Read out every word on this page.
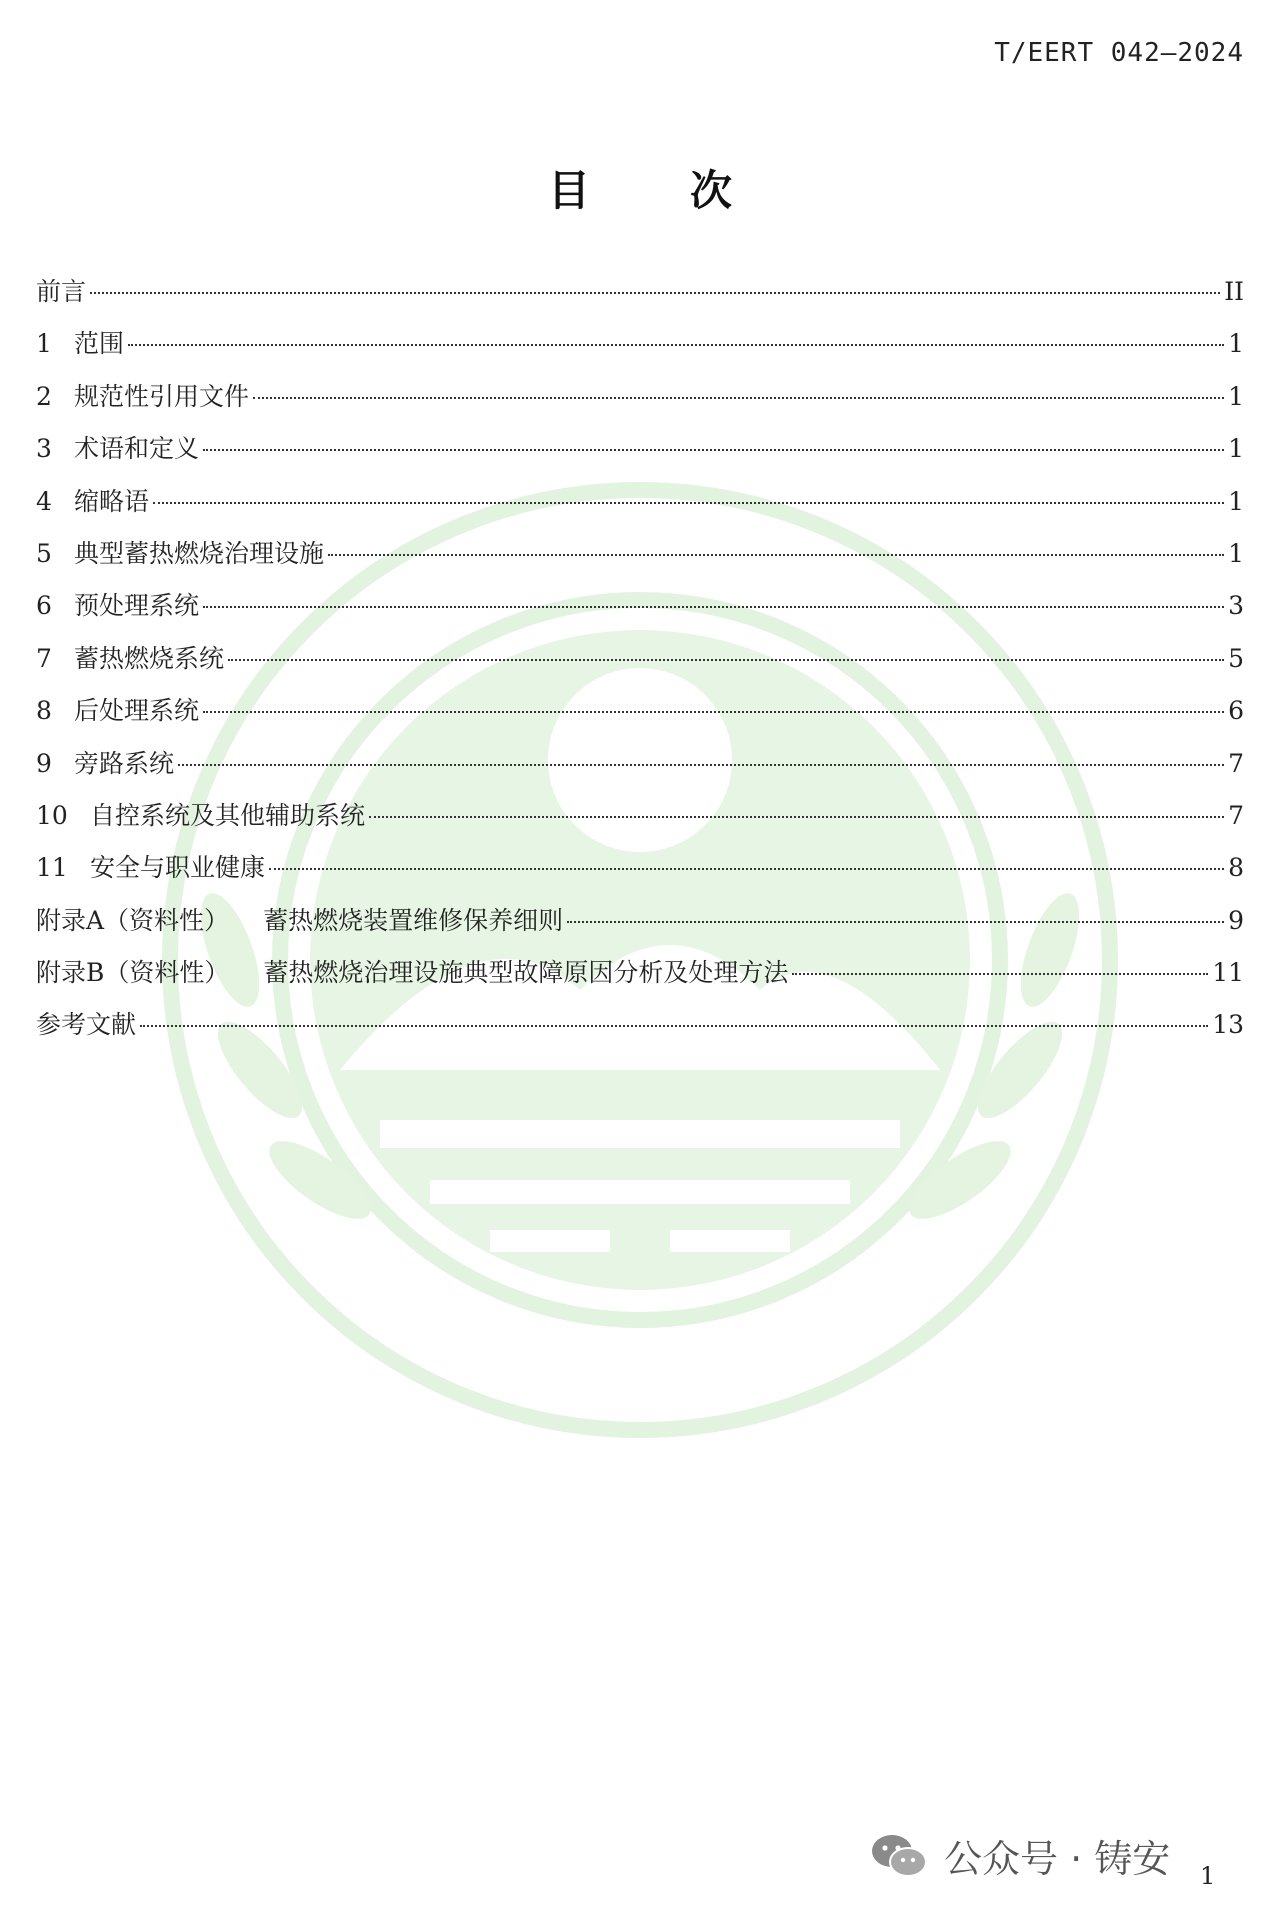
T/EERT 042—2024
目次
前言	II
1 范围	1
2 规范性引用文件	1
3 术语和定义	1
4 缩略语	1
5 典型蓄热燃烧治理设施	1
6 预处理系统	3
7 蓄热燃烧系统	5
8 后处理系统	6
9 旁路系统	7
10 自控系统及其他辅助系统	7
11 安全与职业健康	8
附录A（资料性） 蓄热燃烧装置维修保养细则	9
附录B（资料性） 蓄热燃烧治理设施典型故障原因分析及处理方法	11
参考文献	13
公众号 · 铸安 1
